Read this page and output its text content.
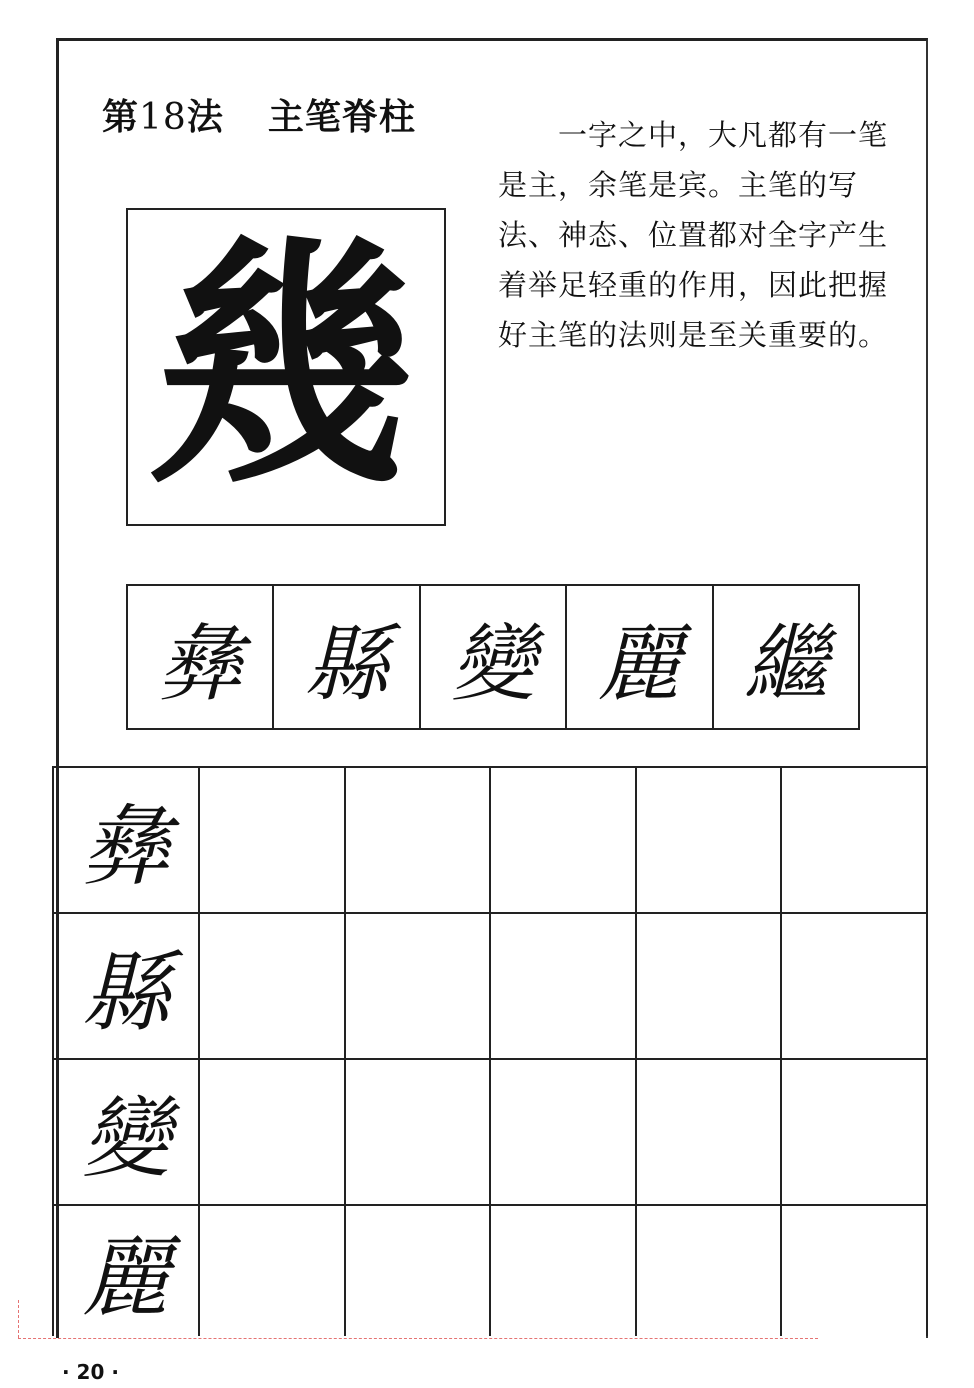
第18法 主笔脊柱	一字之中，大凡都有一笔是主，余笔是宾。主笔的写法、神态、位置都对全字产生着举足轻重的作用，因此把握好主笔的法则是至关重要的。

幾
彝 縣 變 麗 繼
彝					
縣					
變					
麗					
· 20 ·
